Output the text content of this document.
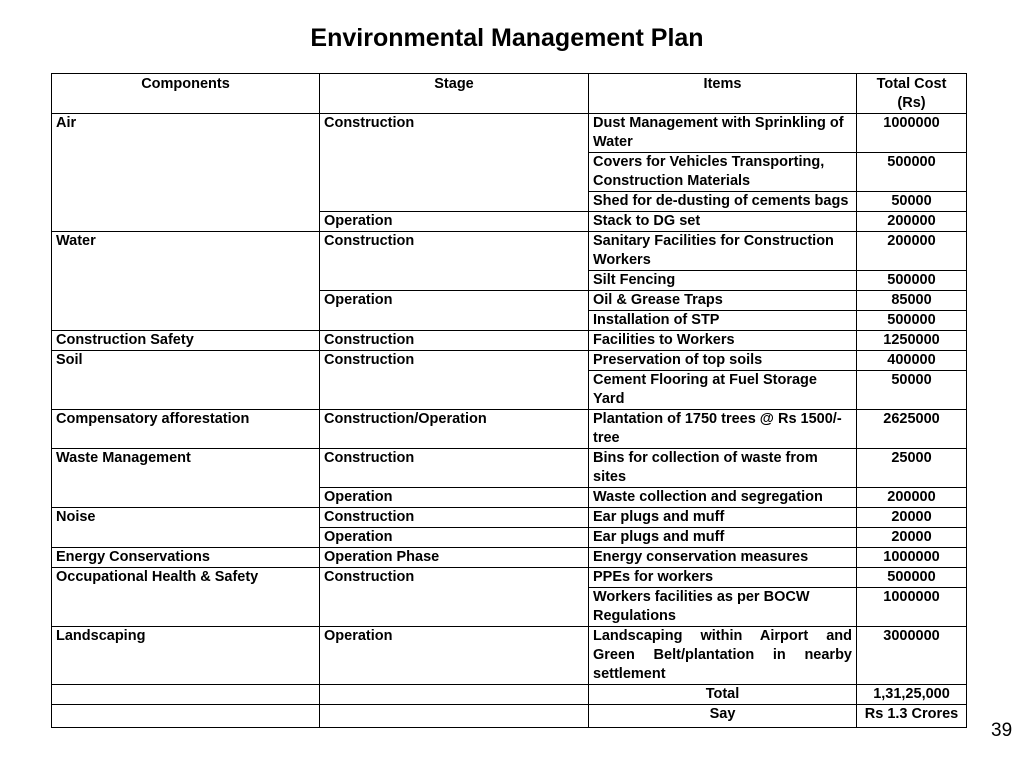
Environmental Management Plan
Components	Stage	Items	Total Cost (Rs)
Air	Construction	Dust Management with Sprinkling of Water	1000000
		Covers for Vehicles Transporting, Construction Materials	500000
		Shed for de-dusting of cements bags	50000
	Operation	Stack to DG set	200000
Water	Construction	Sanitary Facilities for Construction Workers	200000
		Silt Fencing	500000
	Operation	Oil & Grease Traps	85000
		Installation of STP	500000
Construction Safety	Construction	Facilities to Workers	1250000
Soil	Construction	Preservation of top soils	400000
		Cement Flooring at Fuel Storage Yard	50000
Compensatory afforestation	Construction/Operation	Plantation of 1750 trees @ Rs 1500/- tree	2625000
Waste Management	Construction	Bins for collection of waste from sites	25000
	Operation	Waste collection and segregation	200000
Noise	Construction	Ear plugs and muff	20000
	Operation	Ear plugs and muff	20000
Energy Conservations	Operation Phase	Energy conservation measures	1000000
Occupational Health & Safety	Construction	PPEs for workers	500000
		Workers facilities as per BOCW Regulations	1000000
Landscaping	Operation	Landscaping within Airport and Green Belt/plantation in nearby settlement	3000000
		Total	1,31,25,000
		Say	Rs 1.3 Crores
39
